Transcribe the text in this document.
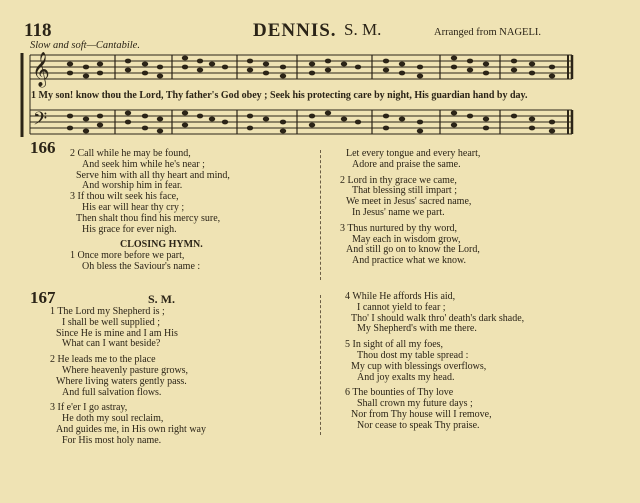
118	DENNIS. S. M.	Arranged from NAGELI.
Slow and soft—Cantabile.
𝄞
𝄢
1 My son! know thou the Lord, Thy father's God obey ; Seek his protecting care by night, His guardian hand by day.
166 2 Call while he may be found,
And seek him while he's near ;
Serve him with all thy heart and mind,
And worship him in fear.
3 If thou wilt seek his face,
His ear will hear thy cry ;
Then shalt thou find his mercy sure,
His grace for ever nigh.
CLOSING HYMN.
1 Once more before we part,
Oh bless the Saviour's name :
Let every tongue and every heart,
Adore and praise the same.
2 Lord in thy grace we came,
That blessing still impart ;
We meet in Jesus' sacred name,
In Jesus' name we part.
3 Thus nurtured by thy word,
May each in wisdom grow,
And still go on to know the Lord,
And practice what we know.
167	S. M.
1 The Lord my Shepherd is ;
I shall be well supplied ;
Since He is mine and I am His
What can I want beside?
2 He leads me to the place
Where heavenly pasture grows,
Where living waters gently pass.
And full salvation flows.
3 If e'er I go astray,
He doth my soul reclaim,
And guides me, in His own right way
For His most holy name.
4 While He affords His aid,
I cannot yield to fear ;
Tho' I should walk thro' death's dark shade,
My Shepherd's with me there.
5 In sight of all my foes,
Thou dost my table spread :
My cup with blessings overflows,
And joy exalts my head.
6 The bounties of Thy love
Shall crown my future days ;
Nor from Thy house will I remove,
Nor cease to speak Thy praise.
